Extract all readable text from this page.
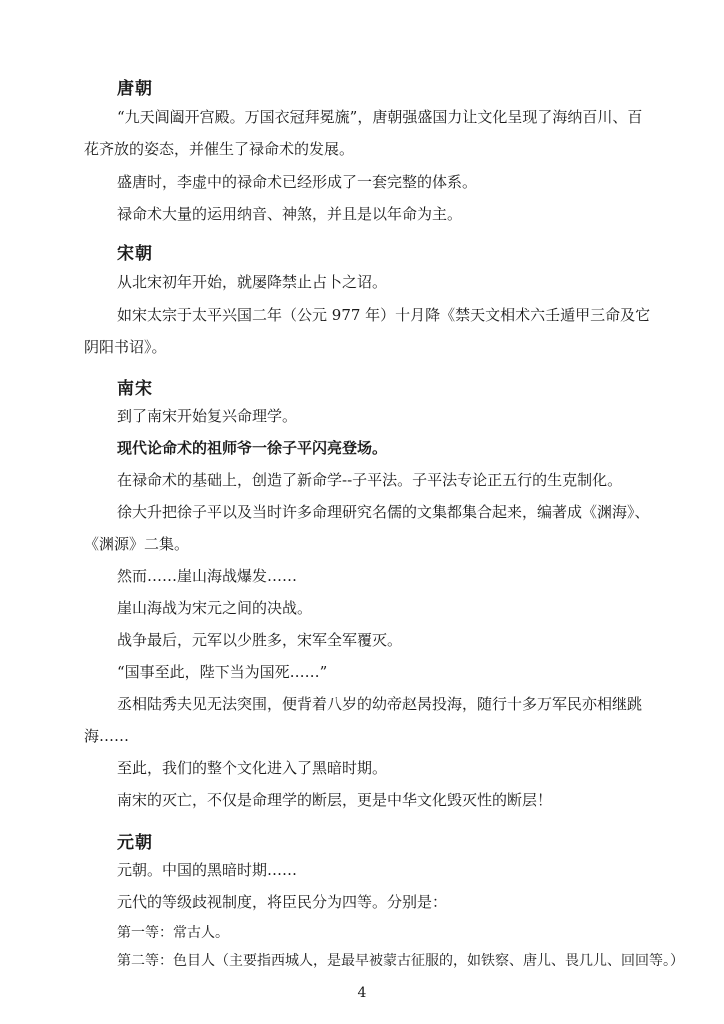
唐朝
“九天阊阖开宫殿。万国衣冠拜冕旒”，唐朝强盛国力让文化呈现了海纳百川、百
花齐放的姿态，并催生了禄命术的发展。
盛唐时，李虚中的禄命术已经形成了一套完整的体系。
禄命术大量的运用纳音、神煞，并且是以年命为主。
宋朝
从北宋初年开始，就屡降禁止占卜之诏。
如宋太宗于太平兴国二年（公元 977 年）十月降《禁天文相术六壬遁甲三命及它
阴阳书诏》。
南宋
到了南宋开始复兴命理学。
现代论命术的祖师爷一徐子平闪亮登场。
在禄命术的基础上，创造了新命学--子平法。子平法专论正五行的生克制化。
徐大升把徐子平以及当时许多命理研究名儒的文集都集合起来，编著成《渊海》、
《渊源》二集。
然而……崖山海战爆发……
崖山海战为宋元之间的决战。
战争最后，元军以少胜多，宋军全军覆灭。
“国事至此，陛下当为国死……”
丞相陆秀夫见无法突围，便背着八岁的幼帝赵昺投海，随行十多万军民亦相继跳
海……
至此，我们的整个文化进入了黑暗时期。
南宋的灭亡，不仅是命理学的断层，更是中华文化毁灭性的断层！
元朝
元朝。中国的黑暗时期……
元代的等级歧视制度，将臣民分为四等。分别是：
第一等：常古人。
第二等：色目人（主要指西城人，是最早被蒙古征服的，如铁察、唐儿、畏几儿、回回等。）
4
